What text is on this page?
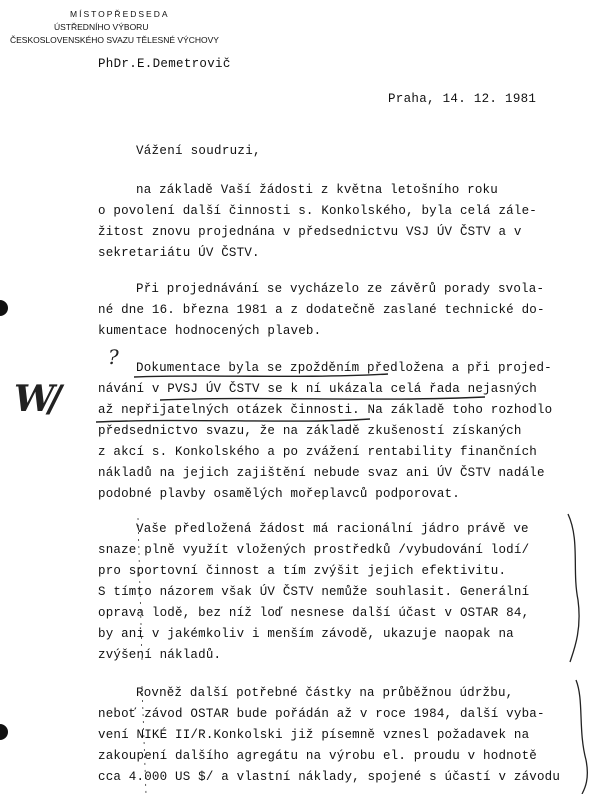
MÍSTOPŘEDSEDA
ÚSTŘEDNÍHO VÝBORU
ČESKOSLOVENSKÉHO SVAZU TĚLESNÉ VÝCHOVY
PhDr.E.Demetrovič
Praha, 14. 12. 1981
Vážení soudruzi,
na základě Vaší žádosti z května letošního roku
o povolení další činnosti s. Konkolského, byla celá zále-
žitost znovu projednána v předsednictvu VSJ ÚV ČSTV a v
sekretariátu ÚV ČSTV.
Při projednávání se vycházelo ze závěrů porady svola-
né dne 16. března 1981 a z dodatečně zaslané technické do-
kumentace hodnocených plaveb.
Dokumentace byla se zpožděním předložena a při projed-
návání v PVSJ ÚV ČSTV se k ní ukázala celá řada nejasných
až nepřijatelných otázek činnosti. Na základě toho rozhodlo
předsednictvo svazu, že na základě zkušeností získaných
z akcí s. Konkolského a po zvážení rentability finančních
nákladů na jejich zajištění nebude svaz ani ÚV ČSTV nadále
podobné plavby osamělých mořeplavců podporovat.
Vaše předložená žádost má racionální jádro právě ve
snaze plně využít vložených prostředků /vybudování lodí/
pro sportovní činnost a tím zvýšit jejich efektivitu.
S tímto názorem však ÚV ČSTV nemůže souhlasit. Generální
oprava lodě, bez níž loď nesnese další účast v OSTAR 84,
by ani v jakémkoliv i menším závodě, ukazuje naopak na
zvýšení nákladů.
Rovněž další potřebné částky na průběžnou údržbu,
neboť závod OSTAR bude pořádán až v roce 1984, další vyba-
vení NIKÉ II/R.Konkolski již písemně vznesl požadavek na
zakoupení dalšího agregátu na výrobu el. proudu v hodnotě
cca 4.000 US $/ a vlastní náklady, spojené s účastí v závodu
?
W/
